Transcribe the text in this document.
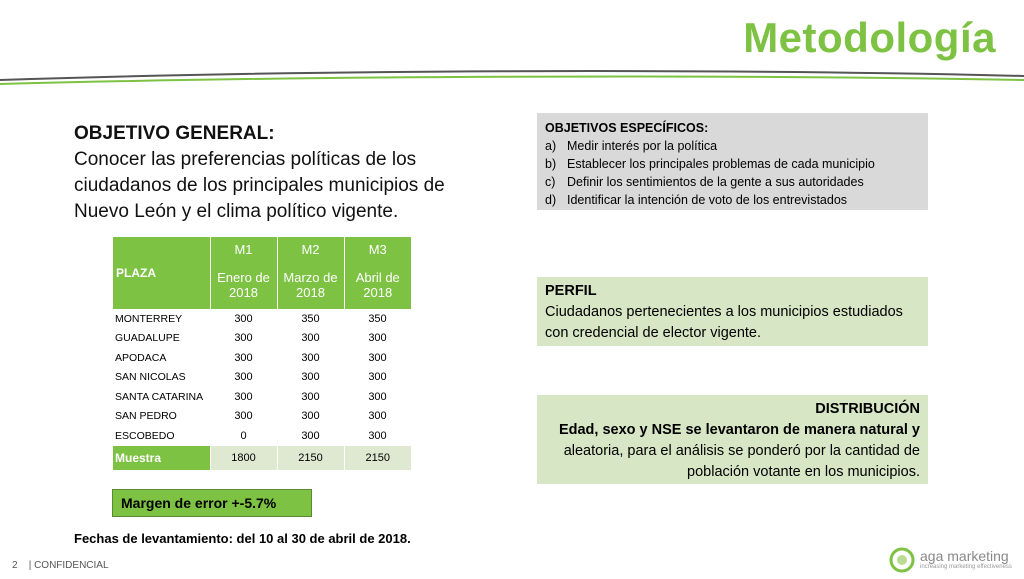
Metodología
OBJETIVO GENERAL:
Conocer las preferencias políticas de los ciudadanos de los principales municipios de Nuevo León y el clima político vigente.
OBJETIVOS ESPECÍFICOS:
a) Medir interés por la política
b) Establecer los principales problemas de cada municipio
c) Definir los sentimientos de la gente a sus autoridades
d) Identificar la intención de voto de los entrevistados
PLAZA	M1	M2	M3
	Enero de 2018	Marzo de 2018	Abril de 2018
MONTERREY	300	350	350
GUADALUPE	300	300	300
APODACA	300	300	300
SAN NICOLAS	300	300	300
SANTA CATARINA	300	300	300
SAN PEDRO	300	300	300
ESCOBEDO	0	300	300
Muestra	1800	2150	2150
Margen de error +-5.7%
Fechas de levantamiento: del 10 al 30 de abril de 2018.
PERFIL
Ciudadanos pertenecientes a los municipios estudiados con credencial de elector vigente.
DISTRIBUCIÓN
Edad, sexo y NSE se levantaron de manera natural y
aleatoria, para el análisis se ponderó por la cantidad de población votante en los municipios.
2 | CONFIDENCIAL
aga marketing
increasing marketing effectiveness
